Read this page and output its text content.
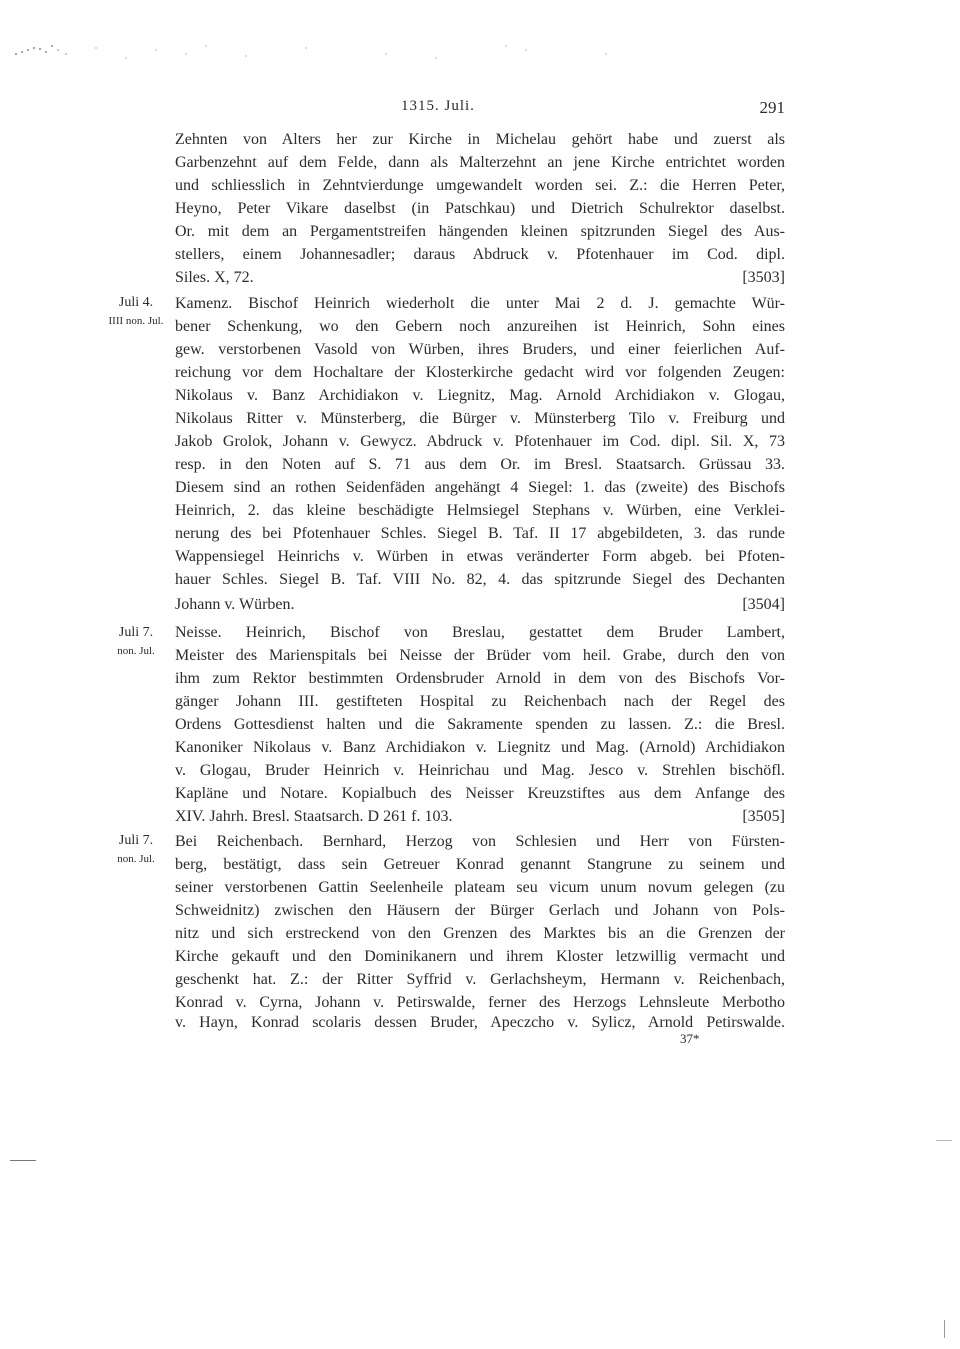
1315. Juli.	291
Juli 4.
IIII non. Jul.
Juli 7.
non. Jul.
Juli 7.
non. Jul.
Zehnten von Alters her zur Kirche in Michelau gehört habe und zuerst als
Garbenzehnt auf dem Felde, dann als Malterzehnt an jene Kirche entrichtet worden
und schliesslich in Zehntvierdunge umgewandelt worden sei. Z.: die Herren Peter,
Heyno, Peter Vikare daselbst (in Patschkau) und Dietrich Schulrektor daselbst.
Or. mit dem an Pergamentstreifen hängenden kleinen spitzrunden Siegel des Aus-
stellers, einem Johannesadler; daraus Abdruck v. Pfotenhauer im Cod. dipl.
Siles. X, 72.	[3503]
Kamenz. Bischof Heinrich wiederholt die unter Mai 2 d. J. gemachte Wür-
bener Schenkung, wo den Gebern noch anzureihen ist Heinrich, Sohn eines
gew. verstorbenen Vasold von Würben, ihres Bruders, und einer feierlichen Auf-
reichung vor dem Hochaltare der Klosterkirche gedacht wird vor folgenden Zeugen:
Nikolaus v. Banz Archidiakon v. Liegnitz, Mag. Arnold Archidiakon v. Glogau,
Nikolaus Ritter v. Münsterberg, die Bürger v. Münsterberg Tilo v. Freiburg und
Jakob Grolok, Johann v. Gewycz. Abdruck v. Pfotenhauer im Cod. dipl. Sil. X, 73
resp. in den Noten auf S. 71 aus dem Or. im Bresl. Staatsarch. Grüssau 33.
Diesem sind an rothen Seidenfäden angehängt 4 Siegel: 1. das (zweite) des Bischofs
Heinrich, 2. das kleine beschädigte Helmsiegel Stephans v. Würben, eine Verklei-
nerung des bei Pfotenhauer Schles. Siegel B. Taf. II 17 abgebildeten, 3. das runde
Wappensiegel Heinrichs v. Würben in etwas veränderter Form abgeb. bei Pfoten-
hauer Schles. Siegel B. Taf. VIII No. 82, 4. das spitzrunde Siegel des Dechanten
Johann v. Würben.	[3504]
Neisse. Heinrich, Bischof von Breslau, gestattet dem Bruder Lambert,
Meister des Marienspitals bei Neisse der Brüder vom heil. Grabe, durch den von
ihm zum Rektor bestimmten Ordensbruder Arnold in dem von des Bischofs Vor-
gänger Johann III. gestifteten Hospital zu Reichenbach nach der Regel des
Ordens Gottesdienst halten und die Sakramente spenden zu lassen. Z.: die Bresl.
Kanoniker Nikolaus v. Banz Archidiakon v. Liegnitz und Mag. (Arnold) Archidiakon
v. Glogau, Bruder Heinrich v. Heinrichau und Mag. Jesco v. Strehlen bischöfl.
Kapläne und Notare. Kopialbuch des Neisser Kreuzstiftes aus dem Anfange des
XIV. Jahrh. Bresl. Staatsarch. D 261 f. 103.	[3505]
Bei Reichenbach. Bernhard, Herzog von Schlesien und Herr von Fürsten-
berg, bestätigt, dass sein Getreuer Konrad genannt Stangrune zu seinem und
seiner verstorbenen Gattin Seelenheile plateam seu vicum unum novum gelegen (zu
Schweidnitz) zwischen den Häusern der Bürger Gerlach und Johann von Pols-
nitz und sich erstreckend von den Grenzen des Marktes bis an die Grenzen der
Kirche gekauft und den Dominikanern und ihrem Kloster letzwillig vermacht und
geschenkt hat. Z.: der Ritter Syffrid v. Gerlachsheym, Hermann v. Reichenbach,
Konrad v. Cyrna, Johann v. Petirswalde, ferner des Herzogs Lehnsleute Merbotho
v. Hayn, Konrad scolaris dessen Bruder, Apeczcho v. Sylicz, Arnold Petirswalde.
37*
